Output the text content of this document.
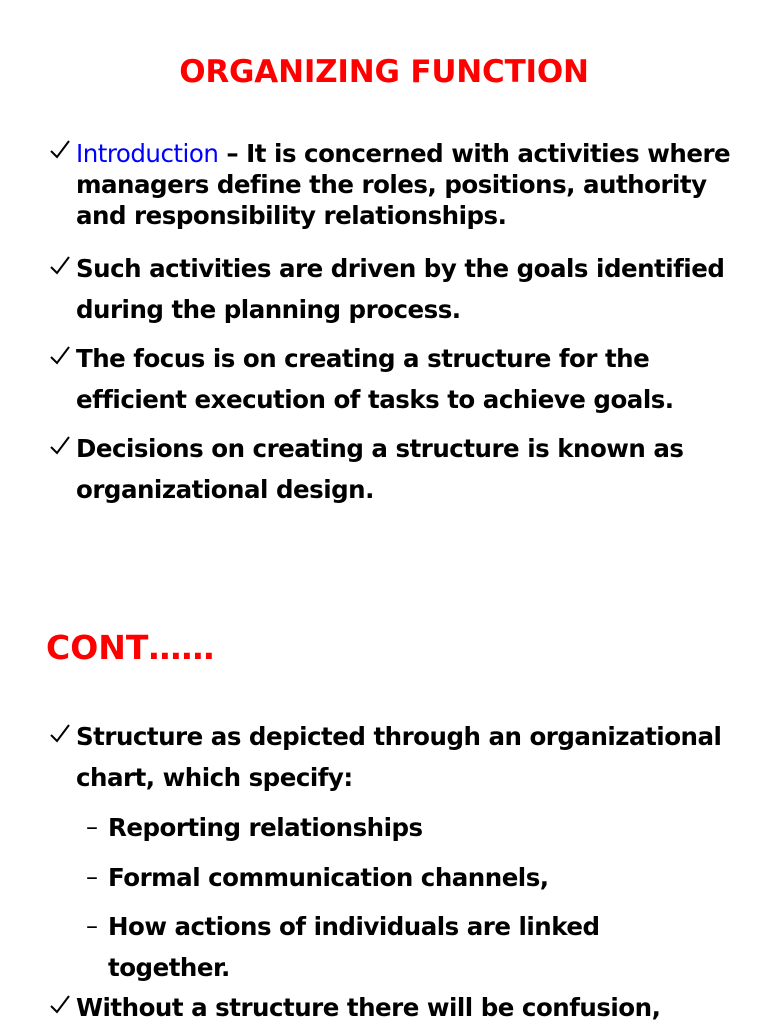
ORGANIZING FUNCTION
Introduction – It is concerned with activities where managers define the roles, positions, authority and responsibility relationships.
Such activities are driven by the goals identified during the planning process.
The focus is on creating a structure for the efficient execution of tasks to achieve goals.
Decisions on creating a structure is known as organizational design.
CONT……
Structure as depicted through an organizational chart, which specify:
– Reporting relationships
– Formal communication channels,
– How actions of individuals are linked together.
Without a structure there will be confusion,
